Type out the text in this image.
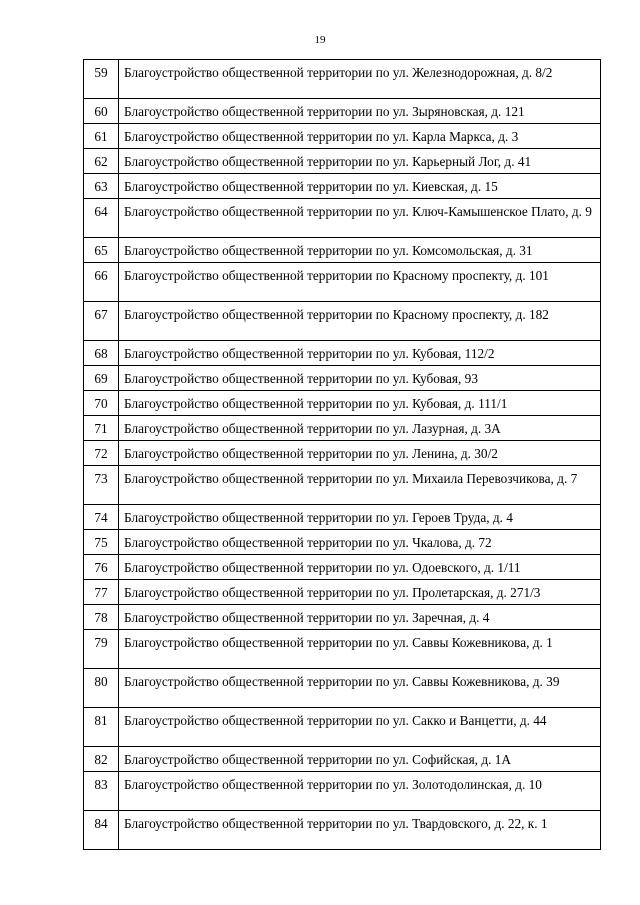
19
59	Благоустройство общественной территории по ул. Железнодорожная, д. 8/2
60	Благоустройство общественной территории по ул. Зыряновская, д. 121
61	Благоустройство общественной территории по ул. Карла Маркса, д. 3
62	Благоустройство общественной территории по ул. Карьерный Лог, д. 41
63	Благоустройство общественной территории по ул. Киевская, д. 15
64	Благоустройство общественной территории по ул. Ключ-Камышенское Плато, д. 9
65	Благоустройство общественной территории по ул. Комсомольская, д. 31
66	Благоустройство общественной территории по Красному проспекту, д. 101
67	Благоустройство общественной территории по Красному проспекту, д. 182
68	Благоустройство общественной территории по ул. Кубовая, 112/2
69	Благоустройство общественной территории по ул. Кубовая, 93
70	Благоустройство общественной территории по ул. Кубовая, д. 111/1
71	Благоустройство общественной территории по ул. Лазурная, д. 3А
72	Благоустройство общественной территории по ул. Ленина, д. 30/2
73	Благоустройство общественной территории по ул. Михаила Перевозчикова, д. 7
74	Благоустройство общественной территории по ул. Героев Труда, д. 4
75	Благоустройство общественной территории по ул. Чкалова, д. 72
76	Благоустройство общественной территории по ул. Одоевского, д. 1/11
77	Благоустройство общественной территории по ул. Пролетарская, д. 271/3
78	Благоустройство общественной территории по ул. Заречная, д. 4
79	Благоустройство общественной территории по ул. Саввы Кожевникова, д. 1
80	Благоустройство общественной территории по ул. Саввы Кожевникова, д. 39
81	Благоустройство общественной территории по ул. Сакко и Ванцетти, д. 44
82	Благоустройство общественной территории по ул. Софийская, д. 1А
83	Благоустройство общественной территории по ул. Золотодолинская, д. 10
84	Благоустройство общественной территории по ул. Твардовского, д. 22, к. 1
